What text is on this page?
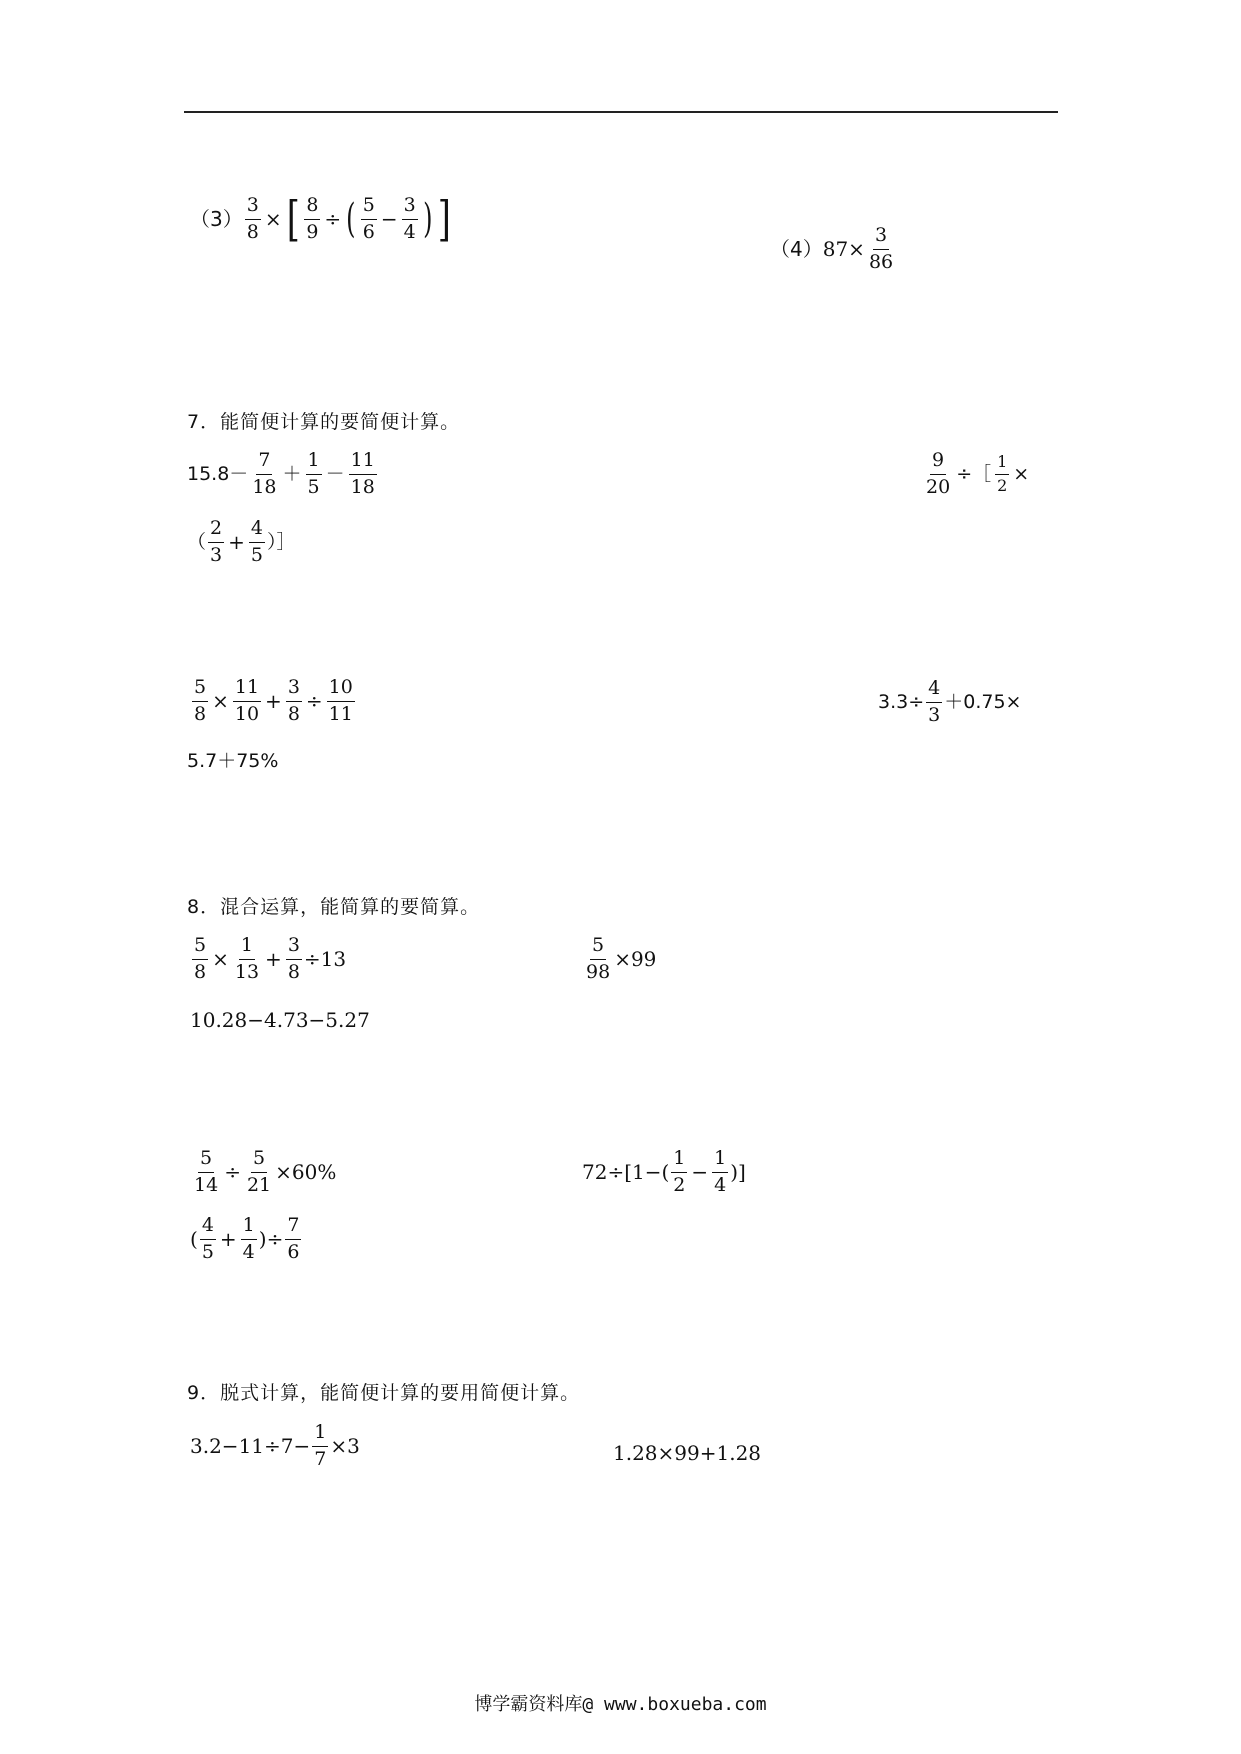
$(3) \frac{3}{8}$ × [ $\frac{8}{9}$ ÷ ( $\frac{5}{6} - \frac{3}{4}$ ) ]
（4） $87\times \frac{3}{86}$
7．能简便计算的要简便计算。
$15.8- \frac{7}{18} + \frac{1}{5} - \frac{11}{18}$	$\frac{9}{20}$ ÷［ $\frac{1}{2}$ ×
（ $\frac{2}{3} + \frac{4}{5}$ ）］
$\frac{5}{8} \times \frac{11}{10} + \frac{3}{8} \div \frac{10}{11}$	$3.3\div \frac{4}{3} +0.75\times$
5.7＋75%
8．混合运算，能简算的要简算。
$\frac{5}{8} \times \frac{1}{13} + \frac{3}{8} \div 13$	$\frac{5}{98} \times 99$
10.28−4.73−5.27
$\frac{5}{14} \div \frac{5}{21} \times 60\%$	$72\div[1-( \frac{1}{2} - \frac{1}{4}$ )]
( $\frac{4}{5} + \frac{1}{4}$ )÷ $\frac{7}{6}$
9．脱式计算，能简便计算的要用简便计算。
$3.2-11\div 7- \frac{1}{7} \times 3$	1.28×99+1.28
博学霸资料库@ www.boxueba.com
